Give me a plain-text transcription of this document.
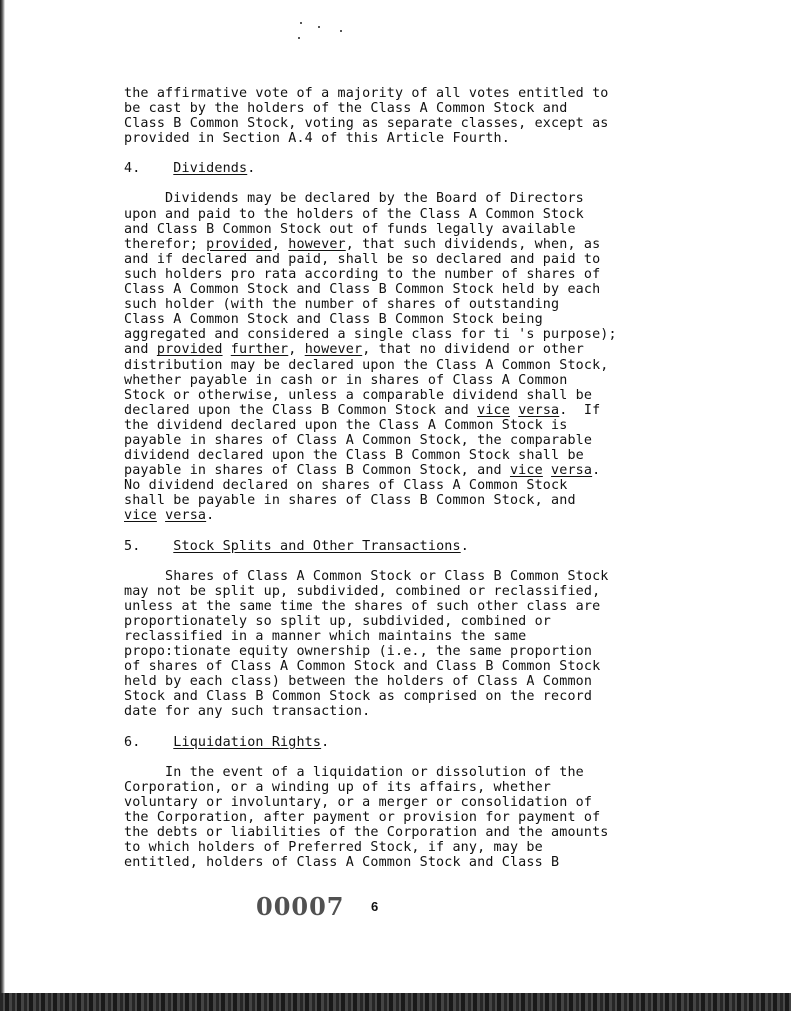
the affirmative vote of a majority of all votes entitled to

be cast by the holders of the Class A Common Stock and

Class B Common Stock, voting as separate classes, except as

provided in Section A.4 of this Article Fourth.

4. Dividends.

Dividends may be declared by the Board of Directors

upon and paid to the holders of the Class A Common Stock

and Class B Common Stock out of funds legally available

therefor; provided, however, that such dividends, when, as

and if declared and paid, shall be so declared and paid to

such holders pro rata according to the number of shares of

Class A Common Stock and Class B Common Stock held by each

such holder (with the number of shares of outstanding

Class A Common Stock and Class B Common Stock being

aggregated and considered a single class for ti 's purpose);

and provided further, however, that no dividend or other

distribution may be declared upon the Class A Common Stock,

whether payable in cash or in shares of Class A Common

Stock or otherwise, unless a comparable dividend shall be

declared upon the Class B Common Stock and vice versa.  If

the dividend declared upon the Class A Common Stock is

payable in shares of Class A Common Stock, the comparable

dividend declared upon the Class B Common Stock shall be

payable in shares of Class B Common Stock, and vice versa.

No dividend declared on shares of Class A Common Stock

shall be payable in shares of Class B Common Stock, and

vice versa.

5. Stock Splits and Other Transactions.

Shares of Class A Common Stock or Class B Common Stock

may not be split up, subdivided, combined or reclassified,

unless at the same time the shares of such other class are

proportionately so split up, subdivided, combined or

reclassified in a manner which maintains the same

propo:tionate equity ownership (i.e., the same proportion

of shares of Class A Common Stock and Class B Common Stock

held by each class) between the holders of Class A Common

Stock and Class B Common Stock as comprised on the record

date for any such transaction.

6. Liquidation Rights.

In the event of a liquidation or dissolution of the

Corporation, or a winding up of its affairs, whether

voluntary or involuntary, or a merger or consolidation of

the Corporation, after payment or provision for payment of

the debts or liabilities of the Corporation and the amounts

to which holders of Preferred Stock, if any, may be

entitled, holders of Class A Common Stock and Class B

00007 6
